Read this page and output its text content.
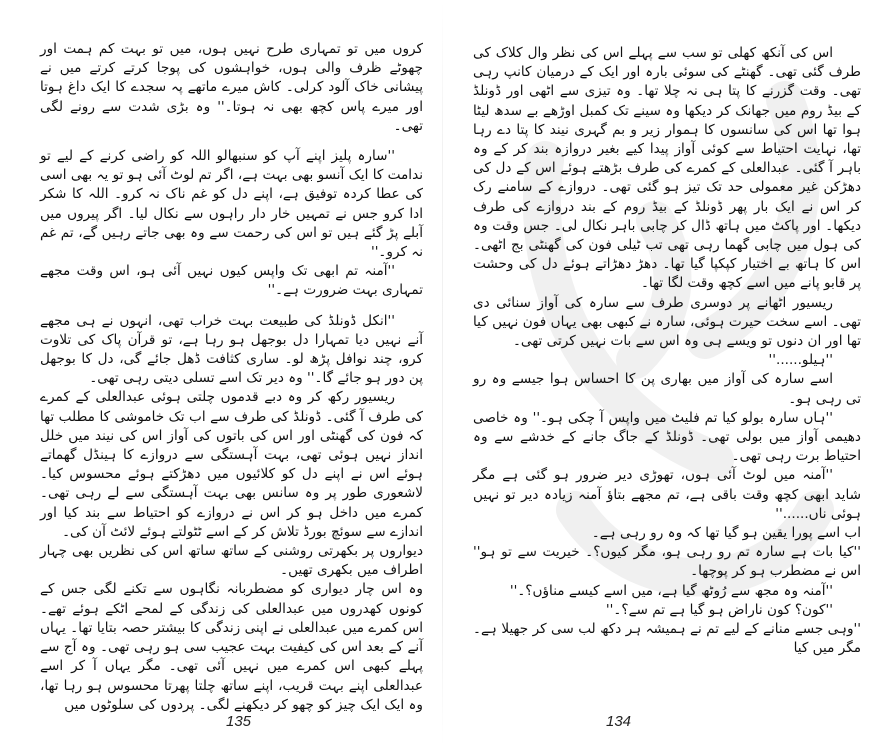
کروں میں تو تمہاری طرح نہیں ہوں، میں تو بہت کم ہمت اور چھوٹے ظرف والی ہوں، خواہشوں کی پوجا کرتے کرتے میں نے پیشانی خاک آلود کرلی۔ کاش میرے ماتھے پہ سجدے کا ایک داغ ہوتا اور میرے پاس کچھ بھی نہ ہوتا۔'' وہ بڑی شدت سے رونے لگی تھی۔

''سارہ پلیز اپنے آپ کو سنبھالو اللہ کو راضی کرنے کے لیے تو ندامت کا ایک آنسو بھی بہت ہے، اگر تم لوٹ آئی ہو تو یہ بھی اسی کی عطا کردہ توفیق ہے، اپنے دل کو غم ناک نہ کرو۔ اللہ کا شکر ادا کرو جس نے تمہیں خار دار راہوں سے نکال لیا۔ اگر پیروں میں آبلے پڑ گئے ہیں تو اس کی رحمت سے وہ بھی جاتے رہیں گے، تم غم نہ کرو۔''

''آمنہ تم ابھی تک واپس کیوں نہیں آئی ہو، اس وقت مجھے تمہاری بہت ضرورت ہے۔''

''انکل ڈونلڈ کی طبیعت بہت خراب تھی، انہوں نے ہی مجھے آنے نہیں دیا تمہارا دل بوجھل ہو رہا ہے، تو قرآن پاک کی تلاوت کرو، چند نوافل پڑھ لو۔ ساری کثافت ڈھل جائے گی، دل کا بوجھل پن دور ہو جائے گا۔'' وہ دیر تک اسے تسلی دیتی رہی تھی۔

ریسیور رکھ کر وہ دبے قدموں چلتی ہوئی عبدالعلی کے کمرے کی طرف آ گئی۔ ڈونلڈ کی طرف سے اب تک خاموشی کا مطلب تھا کہ فون کی گھنٹی اور اس کی باتوں کی آواز اس کی نیند میں خلل انداز نہیں ہوئی تھی، بہت آہستگی سے دروازے کا ہینڈل گھماتے ہوئے اس نے اپنے دل کو کلائیوں میں دھڑکتے ہوئے محسوس کیا۔ لاشعوری طور پر وہ سانس بھی بہت آہستگی سے لے رہی تھی۔ کمرے میں داخل ہو کر اس نے دروازے کو احتیاط سے بند کیا اور اندازے سے سوئچ بورڈ تلاش کر کے اسے ٹٹولتے ہوئے لائٹ آن کی۔

دیواروں پر بکھرتی روشنی کے ساتھ ساتھ اس کی نظریں بھی چہار اطراف میں بکھری تھیں۔

وہ اس چار دیواری کو مضطربانہ نگاہوں سے تکنے لگی جس کے کونوں کھدروں میں عبدالعلی کی زندگی کے لمحے اٹکے ہوئے تھے۔ اس کمرے میں عبدالعلی نے اپنی زندگی کا بیشتر حصہ بتایا تھا۔ یہاں آنے کے بعد اس کی کیفیت بہت عجیب سی ہو رہی تھی۔ وہ آج سے پہلے کبھی اس کمرے میں نہیں آئی تھی۔ مگر یہاں آ کر اسے عبدالعلی اپنے بہت قریب، اپنے ساتھ چلتا پھرتا محسوس ہو رہا تھا، وہ ایک ایک چیز کو چھو کر دیکھنے لگی۔ پردوں کی سلوٹوں میں

135

اس کی آنکھ کھلی تو سب سے پہلے اس کی نظر وال کلاک کی طرف گئی تھی۔ گھنٹے کی سوئی بارہ اور ایک کے درمیان کانپ رہی تھی۔ وقت گزرنے کا پتا ہی نہ چلا تھا۔ وہ تیزی سے اٹھی اور ڈونلڈ کے بیڈ روم میں جھانک کر دیکھا وہ سینے تک کمبل اوڑھے بے سدھ لیٹا ہوا تھا اس کی سانسوں کا ہموار زیر و بم گہری نیند کا پتا دے رہا تھا، نہایت احتیاط سے کوئی آواز پیدا کیے بغیر دروازہ بند کر کے وہ باہر آ گئی۔ عبدالعلی کے کمرے کی طرف بڑھتے ہوئے اس کے دل کی دھڑکن غیر معمولی حد تک تیز ہو گئی تھی۔ دروازے کے سامنے رک کر اس نے ایک بار پھر ڈونلڈ کے بیڈ روم کے بند دروازے کی طرف دیکھا۔ اور پاکٹ میں ہاتھ ڈال کر چابی باہر نکال لی۔ جس وقت وہ کی ہول میں چابی گھما رہی تھی تب ٹیلی فون کی گھنٹی بج اٹھی۔ اس کا ہاتھ بے اختیار کپکپا گیا تھا۔ دھڑ دھڑاتے ہوئے دل کی وحشت پر قابو پانے میں اسے کچھ وقت لگا تھا۔

ریسیور اٹھانے پر دوسری طرف سے سارہ کی آواز سنائی دی تھی۔ اسے سخت حیرت ہوئی، سارہ نے کبھی بھی یہاں فون نہیں کیا تھا اور ان دنوں تو ویسے ہی وہ اس سے بات نہیں کرتی تھی۔

''ہیلو......''

اسے سارہ کی آواز میں بھاری پن کا احساس ہوا جیسے وہ رو تی رہی ہو۔

''ہاں سارہ بولو کیا تم فلیٹ میں واپس آ چکی ہو۔'' وہ خاصی دھیمی آواز میں بولی تھی۔ ڈونلڈ کے جاگ جانے کے خدشے سے وہ احتیاط برت رہی تھی۔

''آمنہ میں لوٹ آئی ہوں، تھوڑی دیر ضرور ہو گئی ہے مگر شاید ابھی کچھ وقت باقی ہے، تم مجھے بتاؤ آمنہ زیادہ دیر تو نہیں ہوئی ناں......''

اب اسے پورا یقین ہو گیا تھا کہ وہ رو رہی ہے۔

''کیا بات ہے سارہ تم رو رہی ہو، مگر کیوں؟۔ خیریت سے تو ہو'' اس نے مضطرب ہو کر پوچھا۔

''آمنہ وہ مجھ سے رُوٹھ گیا ہے، میں اسے کیسے مناؤں؟۔''

''کون؟ کون ناراض ہو گیا ہے تم سے؟۔''

''وہی جسے منانے کے لیے تم نے ہمیشہ ہر دکھ لب سی کر جھیلا ہے۔ مگر میں کیا

134
